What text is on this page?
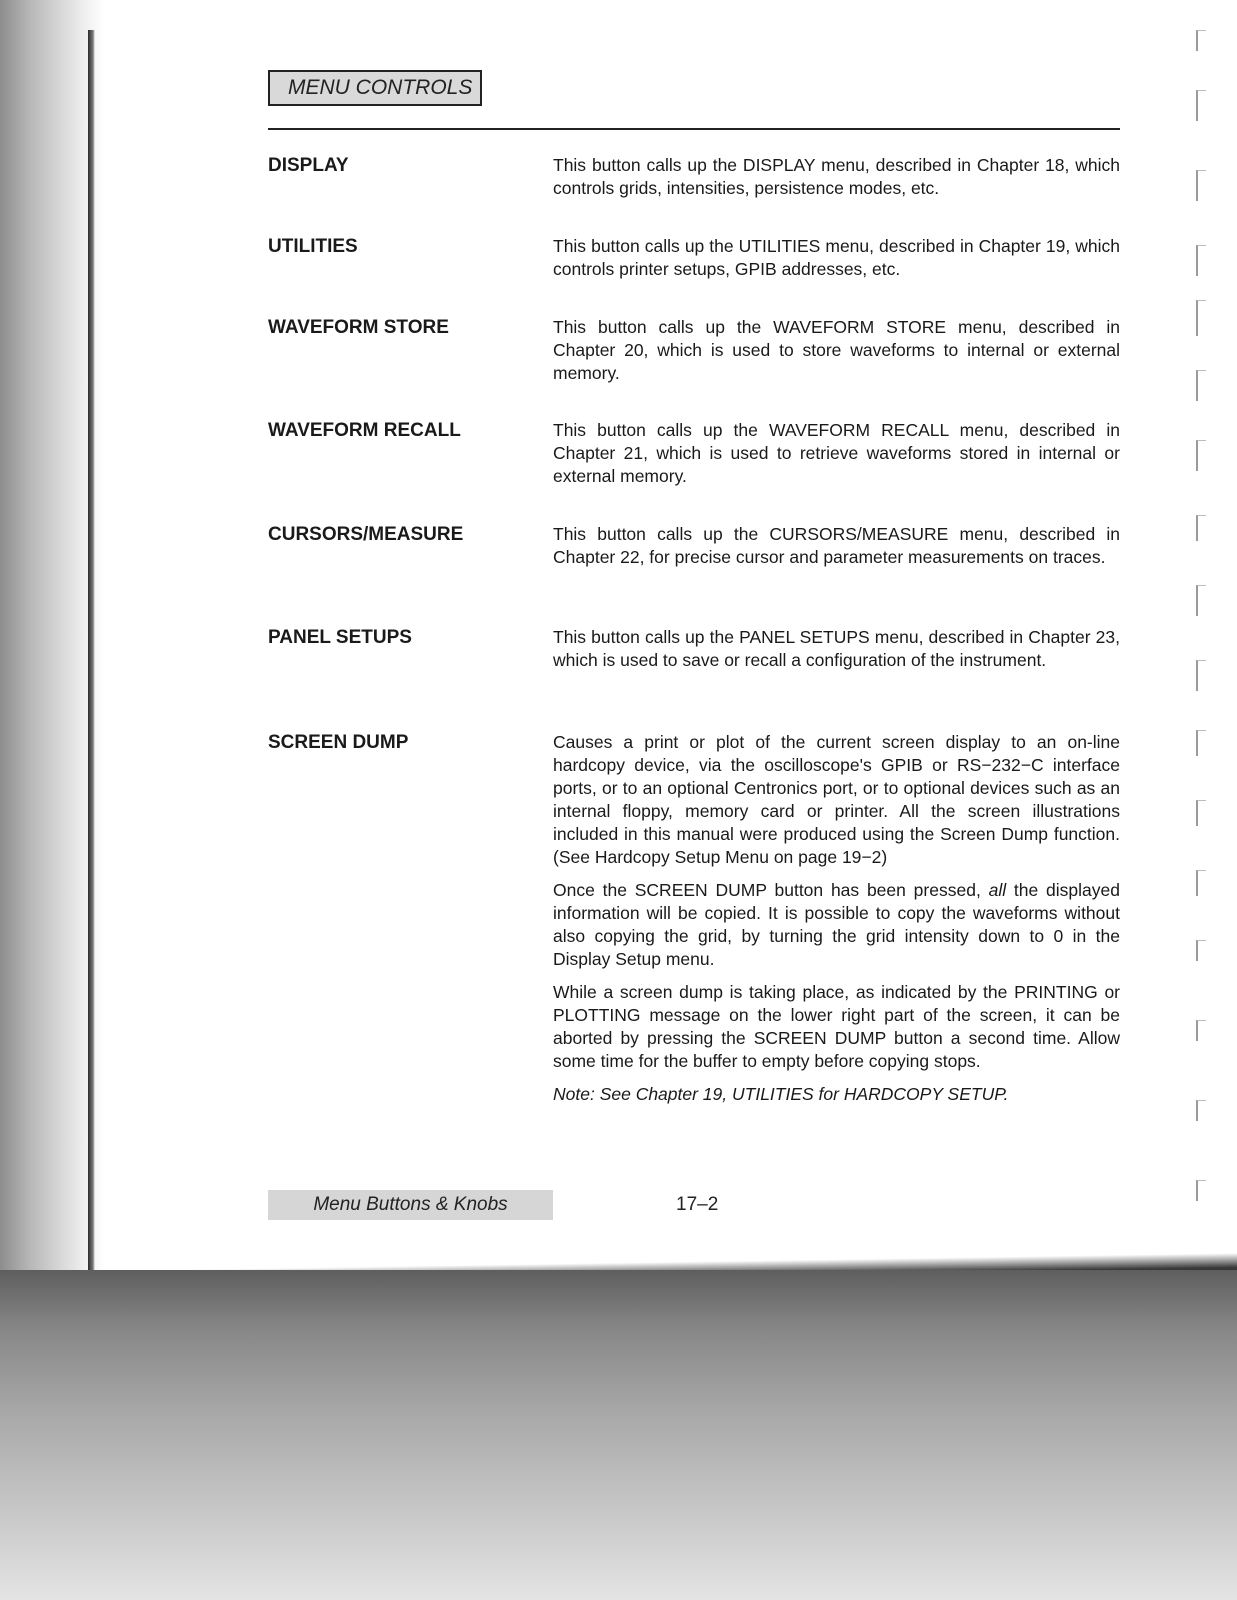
MENU CONTROLS
DISPLAY	This button calls up the DISPLAY menu, described in Chapter 18, which controls grids, intensities, persistence modes, etc.

UTILITIES	This button calls up the UTILITIES menu, described in Chapter 19, which controls printer setups, GPIB addresses, etc.

WAVEFORM STORE	This button calls up the WAVEFORM STORE menu, described in Chapter 20, which is used to store waveforms to internal or external memory.

WAVEFORM RECALL	This button calls up the WAVEFORM RECALL menu, described in Chapter 21, which is used to retrieve waveforms stored in internal or external memory.

CURSORS/MEASURE	This button calls up the CURSORS/MEASURE menu, described in Chapter 22, for precise cursor and parameter measurements on traces.

PANEL SETUPS	This button calls up the PANEL SETUPS menu, described in Chapter 23, which is used to save or recall a configuration of the instrument.

SCREEN DUMP	Causes a print or plot of the current screen display to an on-line hardcopy device, via the oscilloscope's GPIB or RS−232−C interface ports, or to an optional Centronics port, or to optional devices such as an internal floppy, memory card or printer. All the screen illustrations included in this manual were produced using the Screen Dump function. (See Hardcopy Setup Menu on page 19−2)

Once the SCREEN DUMP button has been pressed, all the displayed information will be copied. It is possible to copy the waveforms without also copying the grid, by turning the grid intensity down to 0 in the Display Setup menu.

While a screen dump is taking place, as indicated by the PRINTING or PLOTTING message on the lower right part of the screen, it can be aborted by pressing the SCREEN DUMP button a second time. Allow some time for the buffer to empty before copying stops.

Note: See Chapter 19, UTILITIES for HARDCOPY SETUP.

Menu Buttons & Knobs	17–2
